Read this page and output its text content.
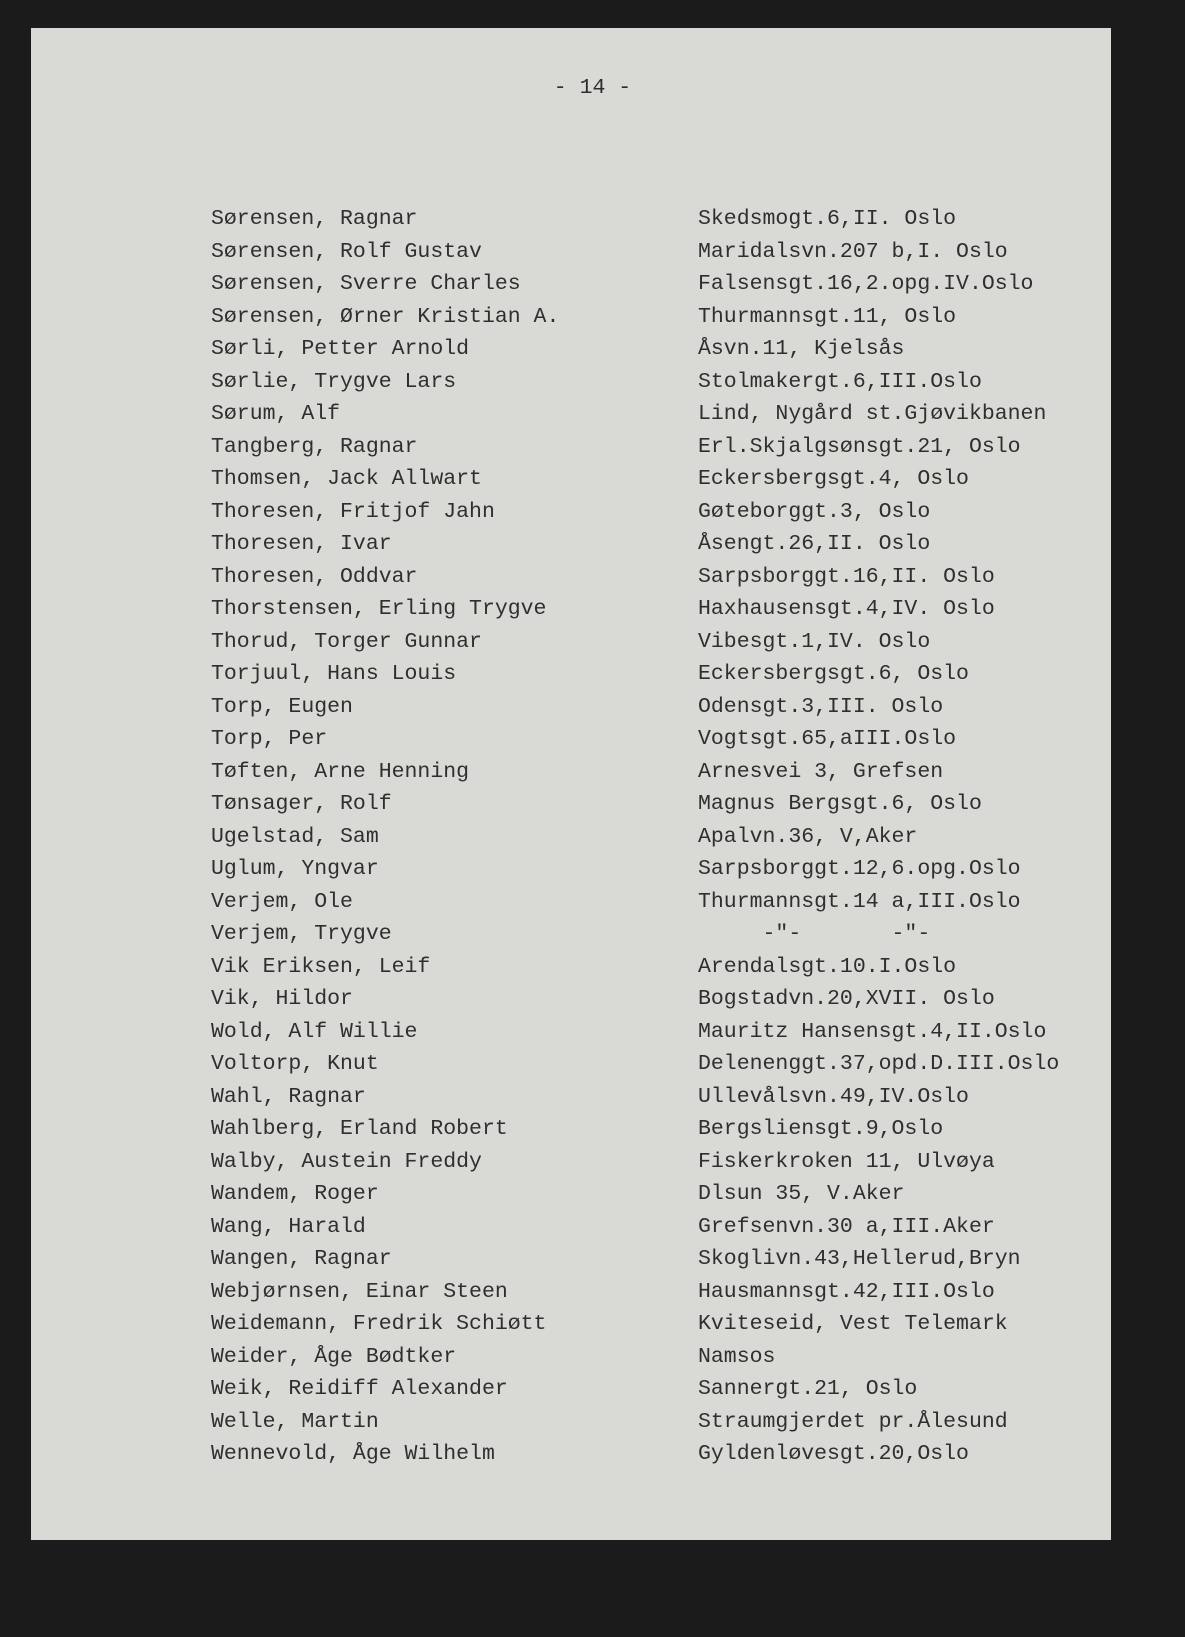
- 14 -
Sørensen, Ragnar	Skedsmogt.6,II. Oslo
Sørensen, Rolf Gustav	Maridalsvn.207 b,I. Oslo
Sørensen, Sverre Charles	Falsensgt.16,2.opg.IV.Oslo
Sørensen, Ørner Kristian A.	Thurmannsgt.11, Oslo
Sørli, Petter Arnold	Åsvn.11, Kjelsås
Sørlie, Trygve Lars	Stolmakergt.6,III.Oslo
Sørum, Alf	Lind, Nygård st.Gjøvikbanen
Tangberg, Ragnar	Erl.Skjalgsønsgt.21, Oslo
Thomsen, Jack Allwart	Eckersbergsgt.4, Oslo
Thoresen, Fritjof Jahn	Gøteborggt.3, Oslo
Thoresen, Ivar	Åsengt.26,II. Oslo
Thoresen, Oddvar	Sarpsborggt.16,II. Oslo
Thorstensen, Erling Trygve	Haxhausensgt.4,IV. Oslo
Thorud, Torger Gunnar	Vibesgt.1,IV. Oslo
Torjuul, Hans Louis	Eckersbergsgt.6, Oslo
Torp, Eugen	Odensgt.3,III. Oslo
Torp, Per	Vogtsgt.65,aIII.Oslo
Tøften, Arne Henning	Arnesvei 3, Grefsen
Tønsager, Rolf	Magnus Bergsgt.6, Oslo
Ugelstad, Sam	Apalvn.36, V,Aker
Uglum, Yngvar	Sarpsborggt.12,6.opg.Oslo
Verjem, Ole	Thurmannsgt.14 a,III.Oslo
Verjem, Trygve	-"-       -"-
Vik Eriksen, Leif	Arendalsgt.10.I.Oslo
Vik, Hildor	Bogstadvn.20,XVII. Oslo
Wold, Alf Willie	Mauritz Hansensgt.4,II.Oslo
Voltorp, Knut	Delenenggt.37,opd.D.III.Oslo
Wahl, Ragnar	Ullevålsvn.49,IV.Oslo
Wahlberg, Erland Robert	Bergsliensgt.9,Oslo
Walby, Austein Freddy	Fiskerkroken 11, Ulvøya
Wandem, Roger	Dlsun 35, V.Aker
Wang, Harald	Grefsenvn.30 a,III.Aker
Wangen, Ragnar	Skoglivn.43,Hellerud,Bryn
Webjørnsen, Einar Steen	Hausmannsgt.42,III.Oslo
Weidemann, Fredrik Schiøtt	Kviteseid, Vest Telemark
Weider, Åge Bødtker	Namsos
Weik, Reidiff Alexander	Sannergt.21, Oslo
Welle, Martin	Straumgjerdet pr.Ålesund
Wennevold, Åge Wilhelm	Gyldenløvesgt.20,Oslo
